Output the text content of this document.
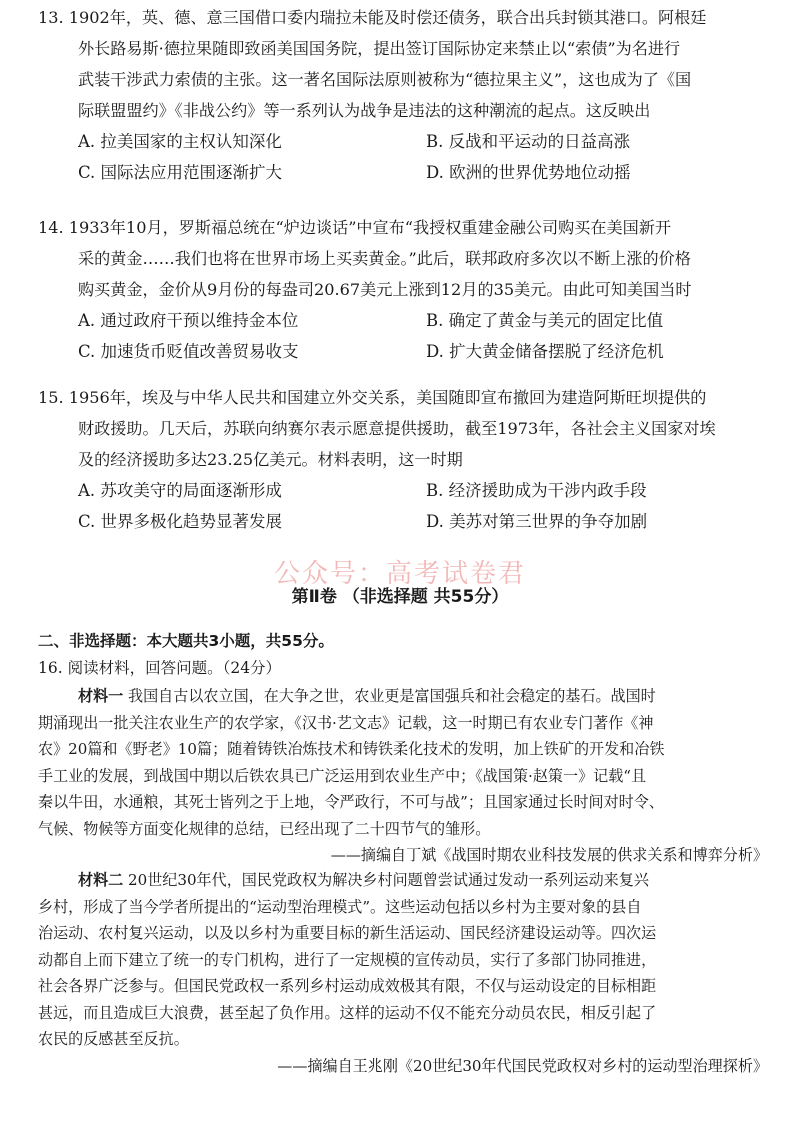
13. 1902年，英、德、意三国借口委内瑞拉未能及时偿还债务，联合出兵封锁其港口。阿根廷
外长路易斯·德拉果随即致函美国国务院，提出签订国际协定来禁止以“索债”为名进行
武装干涉武力索债的主张。这一著名国际法原则被称为“德拉果主义”，这也成为了《国
际联盟盟约》《非战公约》等一系列认为战争是违法的这种潮流的起点。这反映出
A. 拉美国家的主权认知深化	B. 反战和平运动的日益高涨
C. 国际法应用范围逐渐扩大	D. 欧洲的世界优势地位动摇
14. 1933年10月，罗斯福总统在“炉边谈话”中宣布“我授权重建金融公司购买在美国新开
采的黄金……我们也将在世界市场上买卖黄金。”此后，联邦政府多次以不断上涨的价格
购买黄金，金价从9月份的每盎司20.67美元上涨到12月的35美元。由此可知美国当时
A. 通过政府干预以维持金本位	B. 确定了黄金与美元的固定比值
C. 加速货币贬值改善贸易收支	D. 扩大黄金储备摆脱了经济危机
15. 1956年，埃及与中华人民共和国建立外交关系，美国随即宣布撤回为建造阿斯旺坝提供的
财政援助。几天后，苏联向纳赛尔表示愿意提供援助，截至1973年，各社会主义国家对埃
及的经济援助多达23.25亿美元。材料表明，这一时期
A. 苏攻美守的局面逐渐形成	B. 经济援助成为干涉内政手段
C. 世界多极化趋势显著发展	D. 美苏对第三世界的争夺加剧
公众号：高考试卷君
第Ⅱ卷 （非选择题 共55分）
二、非选择题：本大题共3小题，共55分。
16. 阅读材料，回答问题。（24分）
材料一 我国自古以农立国，在大争之世，农业更是富国强兵和社会稳定的基石。战国时
期涌现出一批关注农业生产的农学家，《汉书·艺文志》记载，这一时期已有农业专门著作《神
农》20篇和《野老》10篇；随着铸铁冶炼技术和铸铁柔化技术的发明，加上铁矿的开发和冶铁
手工业的发展，到战国中期以后铁农具已广泛运用到农业生产中；《战国策·赵策一》记载“且
秦以牛田，水通粮，其死士皆列之于上地，令严政行，不可与战”；且国家通过长时间对时令、
气候、物候等方面变化规律的总结，已经出现了二十四节气的雏形。
——摘编自丁斌《战国时期农业科技发展的供求关系和博弈分析》
材料二 20世纪30年代，国民党政权为解决乡村问题曾尝试通过发动一系列运动来复兴
乡村，形成了当今学者所提出的“运动型治理模式”。这些运动包括以乡村为主要对象的县自
治运动、农村复兴运动，以及以乡村为重要目标的新生活运动、国民经济建设运动等。四次运
动都自上而下建立了统一的专门机构，进行了一定规模的宣传动员，实行了多部门协同推进，
社会各界广泛参与。但国民党政权一系列乡村运动成效极其有限，不仅与运动设定的目标相距
甚远，而且造成巨大浪费，甚至起了负作用。这样的运动不仅不能充分动员农民，相反引起了
农民的反感甚至反抗。
——摘编自王兆刚《20世纪30年代国民党政权对乡村的运动型治理探析》
